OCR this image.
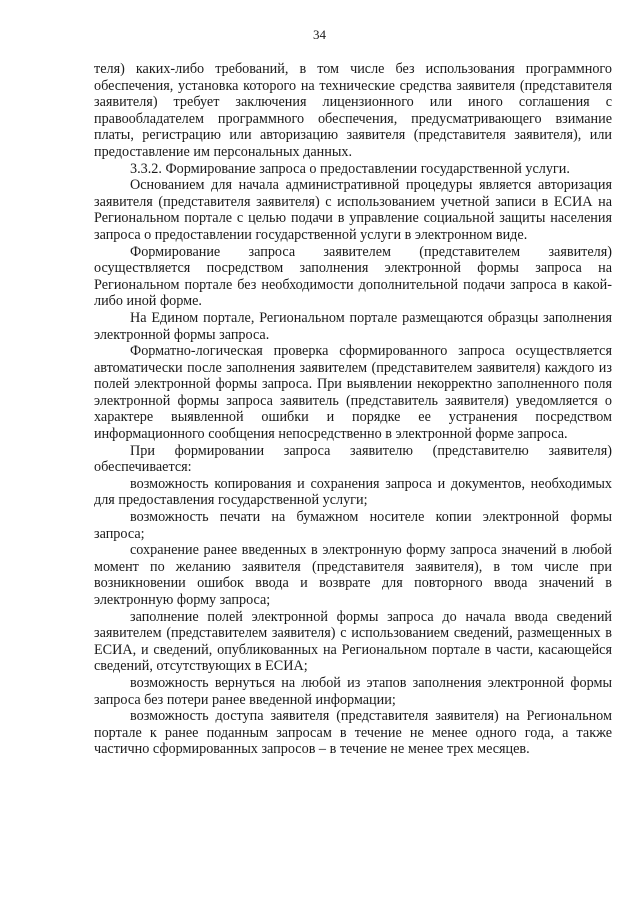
34

теля) каких-либо требований, в том числе без использования программного обеспечения, установка которого на технические средства заявителя (представителя заявителя) требует заключения лицензионного или иного соглашения с правообладателем программного обеспечения, предусматривающего взимание платы, регистрацию или авторизацию заявителя (представителя заявителя), или предоставление им персональных данных.

3.3.2. Формирование запроса о предоставлении государственной услуги.

Основанием для начала административной процедуры является авторизация заявителя (представителя заявителя) с использованием учетной записи в ЕСИА на Региональном портале с целью подачи в управление социальной защиты населения запроса о предоставлении государственной услуги в электронном виде.

Формирование запроса заявителем (представителем заявителя) осуществляется посредством заполнения электронной формы запроса на Региональном портале без необходимости дополнительной подачи запроса в какой-либо иной форме.

На Едином портале, Региональном портале размещаются образцы заполнения электронной формы запроса.

Форматно-логическая проверка сформированного запроса осуществляется автоматически после заполнения заявителем (представителем заявителя) каждого из полей электронной формы запроса. При выявлении некорректно заполненного поля электронной формы запроса заявитель (представитель заявителя) уведомляется о характере выявленной ошибки и порядке ее устранения посредством информационного сообщения непосредственно в электронной форме запроса.

При формировании запроса заявителю (представителю заявителя) обеспечивается:

возможность копирования и сохранения запроса и документов, необходимых для предоставления государственной услуги;

возможность печати на бумажном носителе копии электронной формы запроса;

сохранение ранее введенных в электронную форму запроса значений в любой момент по желанию заявителя (представителя заявителя), в том числе при возникновении ошибок ввода и возврате для повторного ввода значений в электронную форму запроса;

заполнение полей электронной формы запроса до начала ввода сведений заявителем (представителем заявителя) с использованием сведений, размещенных в ЕСИА, и сведений, опубликованных на Региональном портале в части, касающейся сведений, отсутствующих в ЕСИА;

возможность вернуться на любой из этапов заполнения электронной формы запроса без потери ранее введенной информации;

возможность доступа заявителя (представителя заявителя) на Региональном портале к ранее поданным запросам в течение не менее одного года, а также частично сформированных запросов – в течение не менее трех месяцев.
